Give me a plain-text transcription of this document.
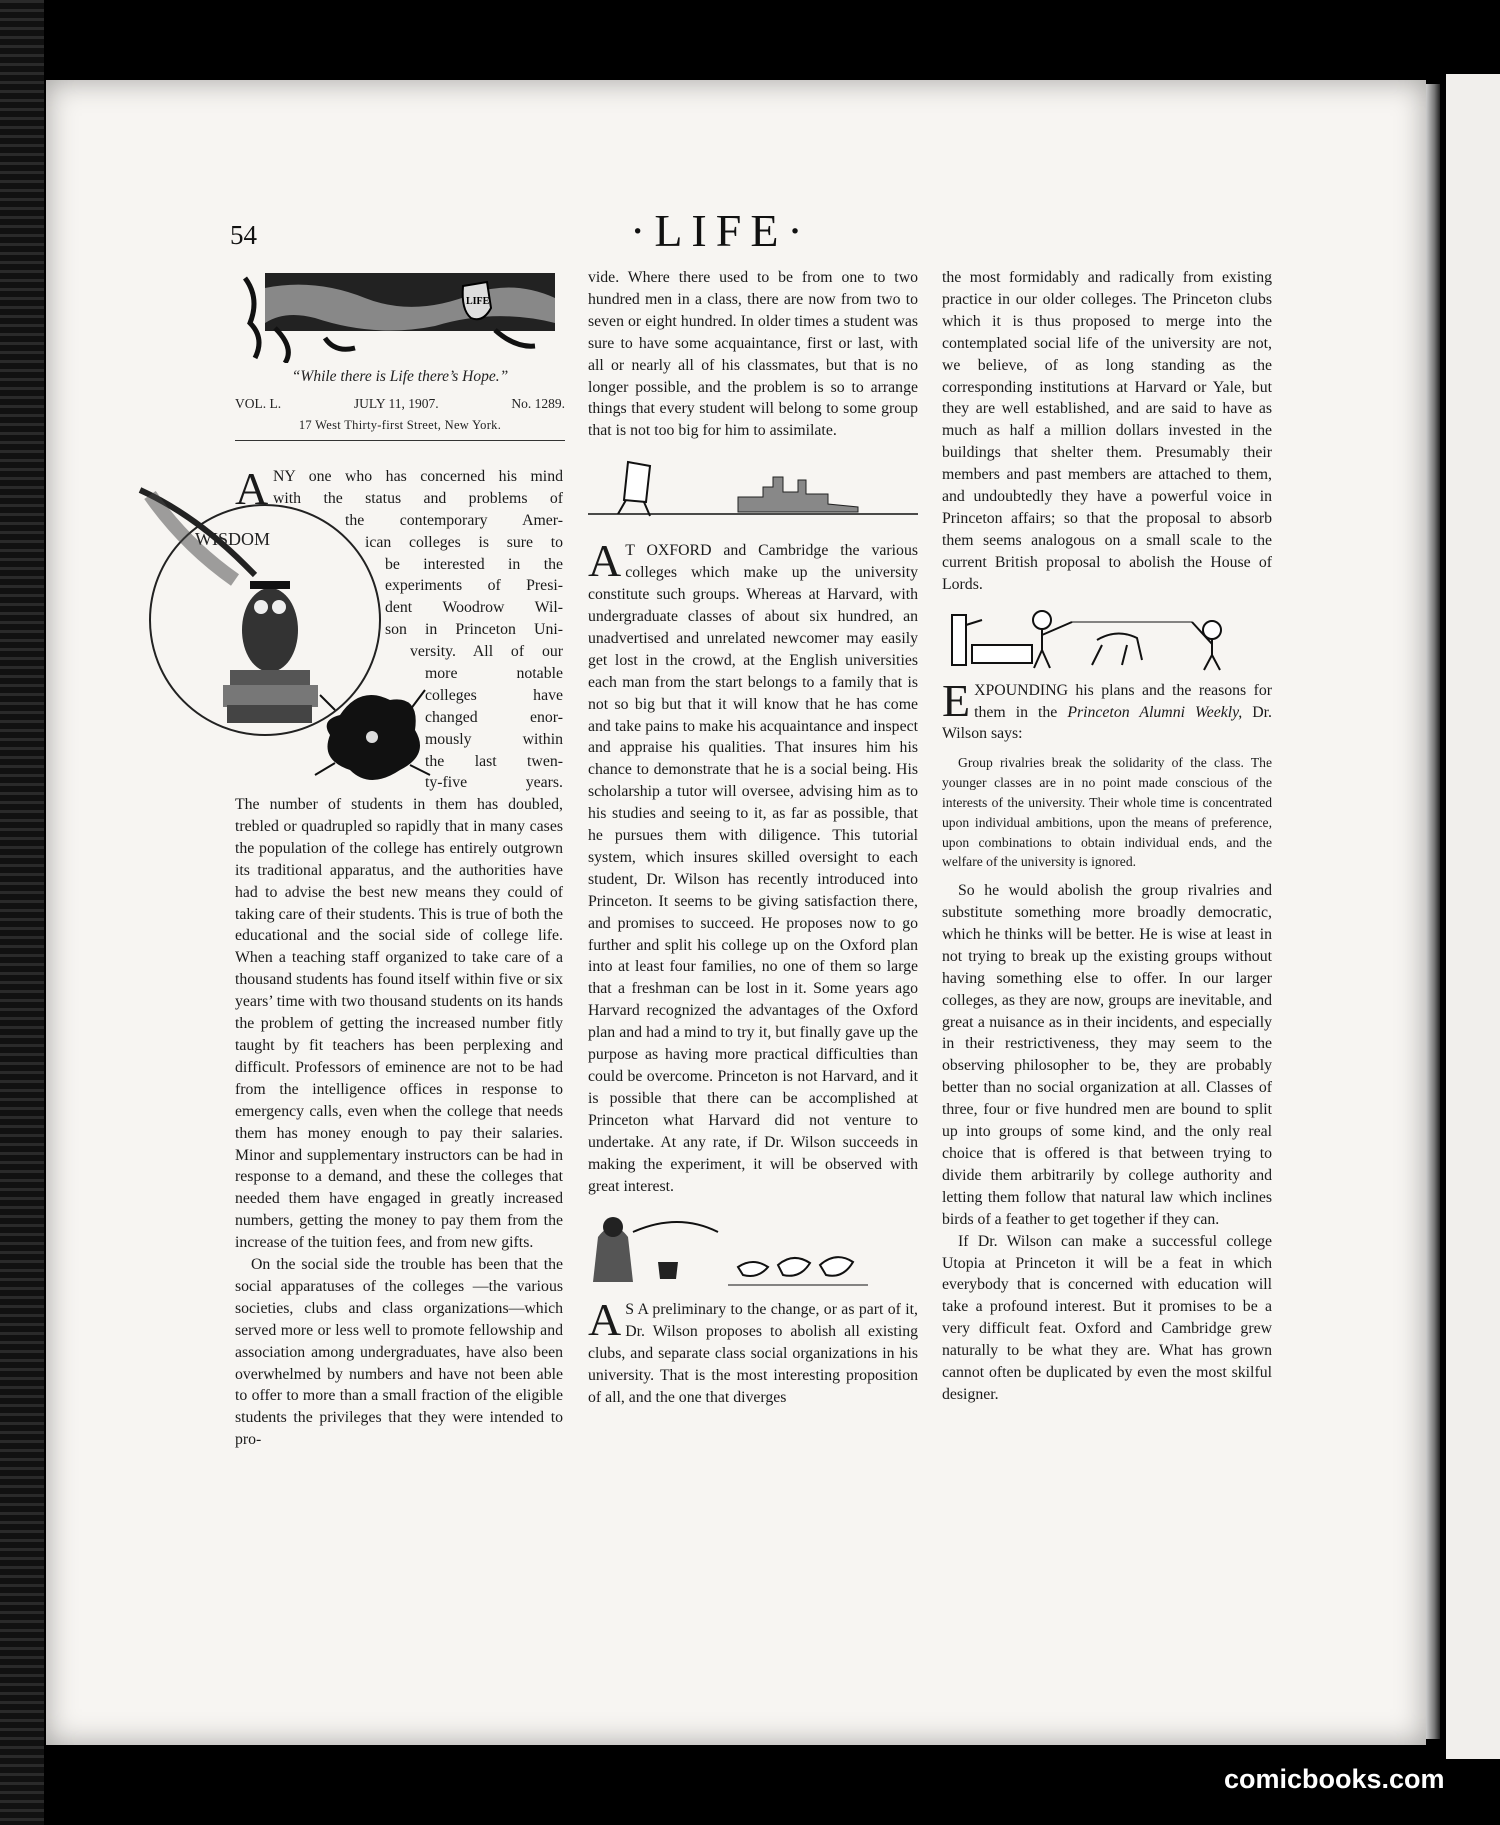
54	·LIFE·
LIFE
“While there is Life there’s Hope.”
VOL. L.	JULY 11, 1907.	No. 1289.
17 West Thirty-first Street, New York.
WISDOM
A NY one who has concerned his mind
with the status and problems of
the contemporary Amer-
ican colleges is sure to
be interested in the
experiments of Presi-
dent Woodrow Wil-
son in Princeton Uni-
versity. All of our
more notable
colleges have
changed enor-
mously within
the last twen-
ty-five years.

The number of students in them has doubled, trebled or quadrupled so rapidly that in many cases the population of the college has entirely outgrown its traditional apparatus, and the authorities have had to advise the best new means they could of taking care of their students. This is true of both the educational and the social side of college life. When a teaching staff organized to take care of a thousand students has found itself within five or six years’ time with two thousand students on its hands the problem of getting the increased number fitly taught by fit teachers has been perplexing and difficult. Professors of eminence are not to be had from the intelligence offices in response to emergency calls, even when the college that needs them has money enough to pay their salaries. Minor and supplementary instructors can be had in response to a demand, and these the colleges that needed them have engaged in greatly increased numbers, getting the money to pay them from the increase of the tuition fees, and from new gifts.

On the social side the trouble has been that the social apparatuses of the colleges —the various societies, clubs and class organizations—which served more or less well to promote fellowship and association among undergraduates, have also been overwhelmed by numbers and have not been able to offer to more than a small fraction of the eligible students the privileges that they were intended to pro-

vide. Where there used to be from one to two hundred men in a class, there are now from two to seven or eight hundred. In older times a student was sure to have some acquaintance, first or last, with all or nearly all of his classmates, but that is no longer possible, and the problem is so to arrange things that every student will belong to some group that is not too big for him to assimilate.

A T OXFORD and Cambridge the various colleges which make up the university constitute such groups. Whereas at Harvard, with undergraduate classes of about six hundred, an unadvertised and unrelated newcomer may easily get lost in the crowd, at the English universities each man from the start belongs to a family that is not so big but that it will know that he has come and take pains to make his acquaintance and inspect and appraise his qualities. That insures him his chance to demonstrate that he is a social being. His scholarship a tutor will oversee, advising him as to his studies and seeing to it, as far as possible, that he pursues them with diligence. This tutorial system, which insures skilled oversight to each student, Dr. Wilson has recently introduced into Princeton. It seems to be giving satisfaction there, and promises to succeed. He proposes now to go further and split his college up on the Oxford plan into at least four families, no one of them so large that a freshman can be lost in it. Some years ago Harvard recognized the advantages of the Oxford plan and had a mind to try it, but finally gave up the purpose as having more practical difficulties than could be overcome. Princeton is not Harvard, and it is possible that there can be accomplished at Princeton what Harvard did not venture to undertake. At any rate, if Dr. Wilson succeeds in making the experiment, it will be observed with great interest.

A S A preliminary to the change, or as part of it, Dr. Wilson proposes to abolish all existing clubs, and separate class social organizations in his university. That is the most interesting proposition of all, and the one that diverges

the most formidably and radically from existing practice in our older colleges. The Princeton clubs which it is thus proposed to merge into the contemplated social life of the university are not, we believe, of as long standing as the corresponding institutions at Harvard or Yale, but they are well established, and are said to have as much as half a million dollars invested in the buildings that shelter them. Presumably their members and past members are attached to them, and undoubtedly they have a powerful voice in Princeton affairs; so that the proposal to absorb them seems analogous on a small scale to the current British proposal to abolish the House of Lords.

EXPOUNDING his plans and the reasons for them in the Princeton Alumni Weekly, Dr. Wilson says:

Group rivalries break the solidarity of the class. The younger classes are in no point made conscious of the interests of the university. Their whole time is concentrated upon individual ambitions, upon the means of preference, upon combinations to obtain individual ends, and the welfare of the university is ignored.

So he would abolish the group rivalries and substitute something more broadly democratic, which he thinks will be better. He is wise at least in not trying to break up the existing groups without having something else to offer. In our larger colleges, as they are now, groups are inevitable, and great a nuisance as in their incidents, and especially in their restrictiveness, they may seem to the observing philosopher to be, they are probably better than no social organization at all. Classes of three, four or five hundred men are bound to split up into groups of some kind, and the only real choice that is offered is that between trying to divide them arbitrarily by college authority and letting them follow that natural law which inclines birds of a feather to get together if they can.

If Dr. Wilson can make a successful college Utopia at Princeton it will be a feat in which everybody that is concerned with education will take a profound interest. But it promises to be a very difficult feat. Oxford and Cambridge grew naturally to be what they are. What has grown cannot often be duplicated by even the most skilful designer.

comicbooks.com
